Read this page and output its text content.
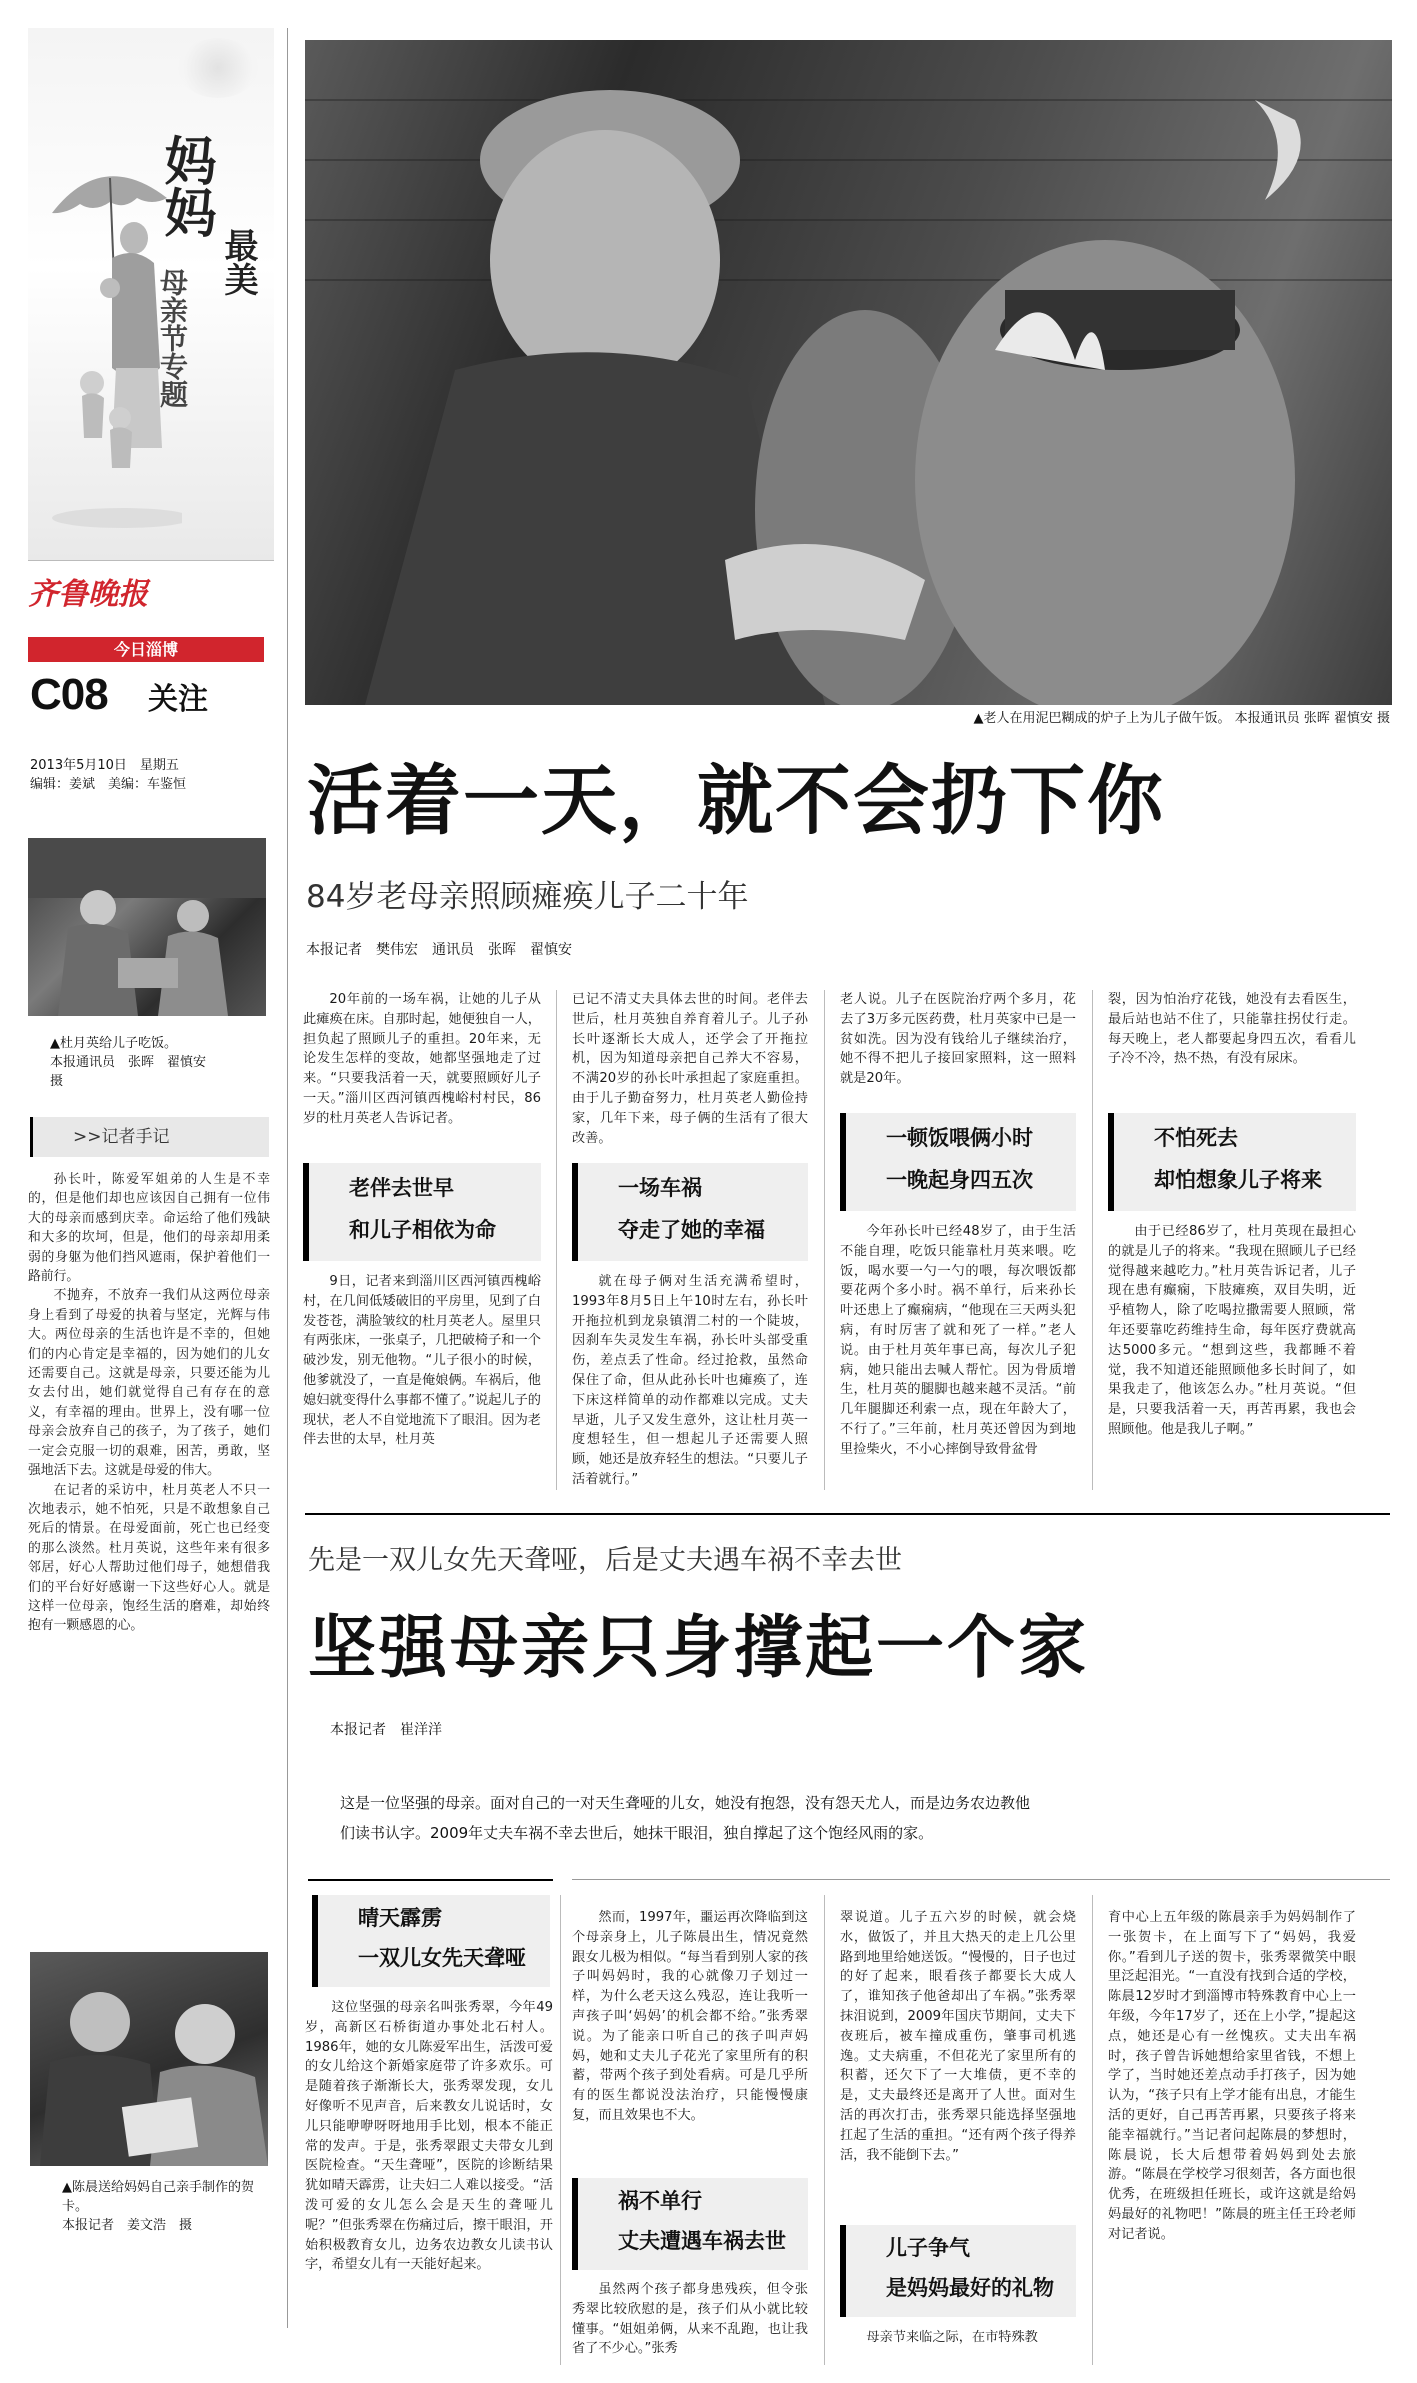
妈妈
最美
母亲节专题
齐鲁晚报
今日淄博
C08 关注
2013年5月10日　星期五
编辑：姜斌　美编：车鉴恒
▲杜月英给儿子吃饭。
本报通讯员　张晖　翟慎安
摄
>>记者手记

孙长叶，陈爱军姐弟的人生是不幸的，但是他们却也应该因自己拥有一位伟大的母亲而感到庆幸。命运给了他们残缺和大多的坎坷，但是，他们的母亲却用柔弱的身躯为他们挡风遮雨，保护着他们一路前行。

不抛弃，不放弃一我们从这两位母亲身上看到了母爱的执着与坚定，光辉与伟大。两位母亲的生活也许是不幸的，但她们的内心肯定是幸福的，因为她们的儿女还需要自己。这就是母亲，只要还能为儿女去付出，她们就觉得自己有存在的意义，有幸福的理由。世界上，没有哪一位母亲会放弃自己的孩子，为了孩子，她们一定会克服一切的艰难，困苦，勇敢，坚强地活下去。这就是母爱的伟大。

在记者的采访中，杜月英老人不只一次地表示，她不怕死，只是不敢想象自己死后的情景。在母爱面前，死亡也已经变的那么淡然。杜月英说，这些年来有很多邻居，好心人帮助过他们母子，她想借我们的平台好好感谢一下这些好心人。就是这样一位母亲，饱经生活的磨难，却始终抱有一颗感恩的心。

▲陈晨送给妈妈自己亲手制作的贺卡。
本报记者　姜文浩　摄
▲老人在用泥巴糊成的炉子上为儿子做午饭。 本报通讯员 张晖 翟慎安 摄
活着一天，就不会扔下你
84岁老母亲照顾瘫痪儿子二十年
本报记者　樊伟宏　通讯员　张晖　翟慎安

20年前的一场车祸，让她的儿子从此瘫痪在床。自那时起，她便独自一人，担负起了照顾儿子的重担。20年来，无论发生怎样的变故，她都坚强地走了过来。“只要我活着一天，就要照顾好儿子一天。”淄川区西河镇西槐峪村村民，86岁的杜月英老人告诉记者。

老伴去世早
和儿子相依为命

9日，记者来到淄川区西河镇西槐峪村，在几间低矮破旧的平房里，见到了白发苍苍，满脸皱纹的杜月英老人。屋里只有两张床，一张桌子，几把破椅子和一个破沙发，别无他物。“儿子很小的时候，他爹就没了，一直是俺娘俩。车祸后，他媳妇就变得什么事都不懂了。”说起儿子的现状，老人不自觉地流下了眼泪。因为老伴去世的太早，杜月英

已记不清丈夫具体去世的时间。老伴去世后，杜月英独自养育着儿子。儿子孙长叶逐渐长大成人，还学会了开拖拉机，因为知道母亲把自己养大不容易，不满20岁的孙长叶承担起了家庭重担。由于儿子勤奋努力，杜月英老人勤俭持家，几年下来，母子俩的生活有了很大改善。

一场车祸
夺走了她的幸福

就在母子俩对生活充满希望时，1993年8月5日上午10时左右，孙长叶开拖拉机到龙泉镇渭二村的一个陡坡，因刹车失灵发生车祸，孙长叶头部受重伤，差点丢了性命。经过抢救，虽然命保住了命，但从此孙长叶也瘫痪了，连下床这样简单的动作都难以完成。丈夫早逝，儿子又发生意外，这让杜月英一度想轻生，但一想起儿子还需要人照顾，她还是放弃轻生的想法。“只要儿子活着就行。”

老人说。儿子在医院治疗两个多月，花去了3万多元医药费，杜月英家中已是一贫如洗。因为没有钱给儿子继续治疗，她不得不把儿子接回家照料，这一照料就是20年。

一顿饭喂俩小时
一晚起身四五次

今年孙长叶已经48岁了，由于生活不能自理，吃饭只能靠杜月英来喂。吃饭，喝水要一勺一勺的喂，每次喂饭都要花两个多小时。祸不单行，后来孙长叶还患上了癫痫病，“他现在三天两头犯病，有时厉害了就和死了一样。”老人说。由于杜月英年事已高，每次儿子犯病，她只能出去喊人帮忙。因为骨质增生，杜月英的腿脚也越来越不灵活。“前几年腿脚还利索一点，现在年龄大了，不行了。”三年前，杜月英还曾因为到地里捡柴火，不小心摔倒导致骨盆骨

裂，因为怕治疗花钱，她没有去看医生，最后站也站不住了，只能靠拄拐仗行走。每天晚上，老人都要起身四五次，看看儿子冷不冷，热不热，有没有尿床。

不怕死去
却怕想象儿子将来

由于已经86岁了，杜月英现在最担心的就是儿子的将来。“我现在照顾儿子已经觉得越来越吃力。”杜月英告诉记者，儿子现在患有癫痫，下肢瘫痪，双目失明，近乎植物人，除了吃喝拉撒需要人照顾，常年还要靠吃药维持生命，每年医疗费就高达5000多元。“想到这些，我都睡不着觉，我不知道还能照顾他多长时间了，如果我走了，他该怎么办。”杜月英说。“但是，只要我活着一天，再苦再累，我也会照顾他。他是我儿子啊。”

先是一双儿女先天聋哑，后是丈夫遇车祸不幸去世
坚强母亲只身撑起一个家
本报记者　崔洋洋
这是一位坚强的母亲。面对自己的一对天生聋哑的儿女，她没有抱怨，没有怨天尤人，而是边务农边教他
们读书认字。2009年丈夫车祸不幸去世后，她抹干眼泪，独自撑起了这个饱经风雨的家。
晴天霹雳
一双儿女先天聋哑

这位坚强的母亲名叫张秀翠，今年49岁，高新区石桥街道办事处北石村人。1986年，她的女儿陈爱军出生，活泼可爱的女儿给这个新婚家庭带了许多欢乐。可是随着孩子渐渐长大，张秀翠发现，女儿好像听不见声音，后来教女儿说话时，女儿只能咿咿呀呀地用手比划，根本不能正常的发声。于是，张秀翠跟丈夫带女儿到医院检查。“天生聋哑”，医院的诊断结果犹如晴天霹雳，让夫妇二人难以接受。“活泼可爱的女儿怎么会是天生的聋哑儿呢？”但张秀翠在伤痛过后，擦干眼泪，开始积极教育女儿，边务农边教女儿读书认字，希望女儿有一天能好起来。

然而，1997年，噩运再次降临到这个母亲身上，儿子陈晨出生，情况竟然跟女儿极为相似。“每当看到别人家的孩子叫妈妈时，我的心就像刀子划过一样，为什么老天这么残忍，连让我听一声孩子叫‘妈妈’的机会都不给。”张秀翠说。为了能亲口听自己的孩子叫声妈妈，她和丈夫儿子花光了家里所有的积蓄，带两个孩子到处看病。可是几乎所有的医生都说没法治疗，只能慢慢康复，而且效果也不大。

祸不单行
丈夫遭遇车祸去世

虽然两个孩子都身患残疾，但令张秀翠比较欣慰的是，孩子们从小就比较懂事。“姐姐弟俩，从来不乱跑，也让我省了不少心。”张秀

翠说道。儿子五六岁的时候，就会烧水，做饭了，并且大热天的走上几公里路到地里给她送饭。“慢慢的，日子也过的好了起来，眼看孩子都要长大成人了，谁知孩子他爸却出了车祸。”张秀翠抹泪说到，2009年国庆节期间，丈夫下夜班后，被车撞成重伤，肇事司机逃逸。丈夫病重，不但花光了家里所有的积蓄，还欠下了一大堆债，更不幸的是，丈夫最终还是离开了人世。面对生活的再次打击，张秀翠只能选择坚强地扛起了生活的重担。“还有两个孩子得养活，我不能倒下去。”

儿子争气
是妈妈最好的礼物

母亲节来临之际，在市特殊教

育中心上五年级的陈晨亲手为妈妈制作了一张贺卡，在上面写下了“妈妈，我爱你。”看到儿子送的贺卡，张秀翠微笑中眼里泛起泪光。“一直没有找到合适的学校，陈晨12岁时才到淄博市特殊教育中心上一年级，今年17岁了，还在上小学，”提起这点，她还是心有一丝愧疚。丈夫出车祸时，孩子曾告诉她想给家里省钱，不想上学了，当时她还差点动手打孩子，因为她认为，“孩子只有上学才能有出息，才能生活的更好，自己再苦再累，只要孩子将来能幸福就行。”当记者问起陈晨的梦想时，陈晨说，长大后想带着妈妈到处去旅游。“陈晨在学校学习很刻苦，各方面也很优秀，在班级担任班长，或许这就是给妈妈最好的礼物吧！”陈晨的班主任王玲老师对记者说。
